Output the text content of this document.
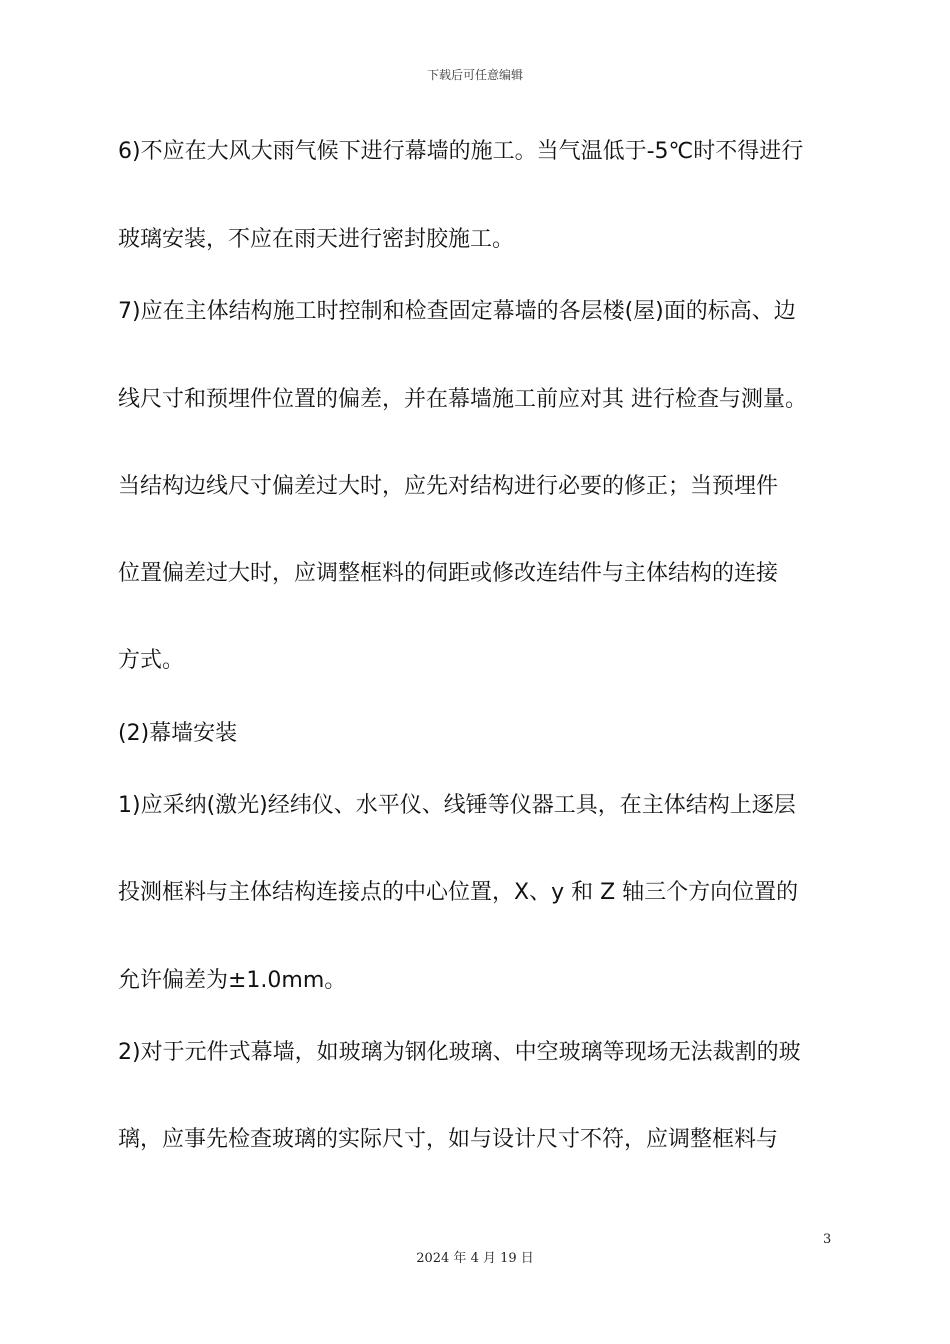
下载后可任意编辑
6)不应在大风大雨气候下进行幕墙的施工。当气温低于-5℃时不得进行
玻璃安装，不应在雨天进行密封胶施工。
7)应在主体结构施工时控制和检查固定幕墙的各层楼(屋)面的标高、边
线尺寸和预埋件位置的偏差，并在幕墙施工前应对其 进行检查与测量。
当结构边线尺寸偏差过大时，应先对结构进行必要的修正；当预埋件
位置偏差过大时，应调整框料的伺距或修改连结件与主体结构的连接
方式。
(2)幕墙安装
1)应采纳(激光)经纬仪、水平仪、线锤等仪器工具，在主体结构上逐层
投测框料与主体结构连接点的中心位置，X、y 和 Z 轴三个方向位置的
允许偏差为±1.0mm。
2)对于元件式幕墙，如玻璃为钢化玻璃、中空玻璃等现场无法裁割的玻
璃，应事先检查玻璃的实际尺寸，如与设计尺寸不符，应调整框料与
3
2024 年 4 月 19 日
